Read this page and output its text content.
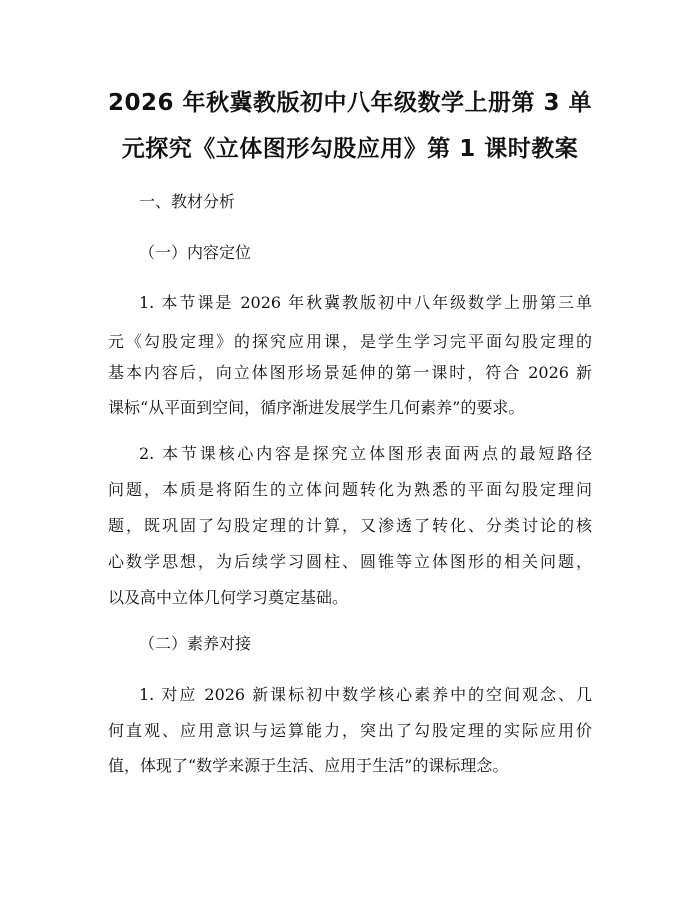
2026 年秋冀教版初中八年级数学上册第 3 单
元探究《立体图形勾股应用》第 1 课时教案
一、教材分析
（一）内容定位
1. 本节课是 2026 年秋冀教版初中八年级数学上册第三单
元《勾股定理》的探究应用课，是学生学习完平面勾股定理的
基本内容后，向立体图形场景延伸的第一课时，符合 2026 新
课标“从平面到空间，循序渐进发展学生几何素养”的要求。
2. 本节课核心内容是探究立体图形表面两点的最短路径
问题，本质是将陌生的立体问题转化为熟悉的平面勾股定理问
题，既巩固了勾股定理的计算，又渗透了转化、分类讨论的核
心数学思想，为后续学习圆柱、圆锥等立体图形的相关问题，
以及高中立体几何学习奠定基础。
（二）素养对接
1. 对应 2026 新课标初中数学核心素养中的空间观念、几
何直观、应用意识与运算能力，突出了勾股定理的实际应用价
值，体现了“数学来源于生活、应用于生活”的课标理念。
